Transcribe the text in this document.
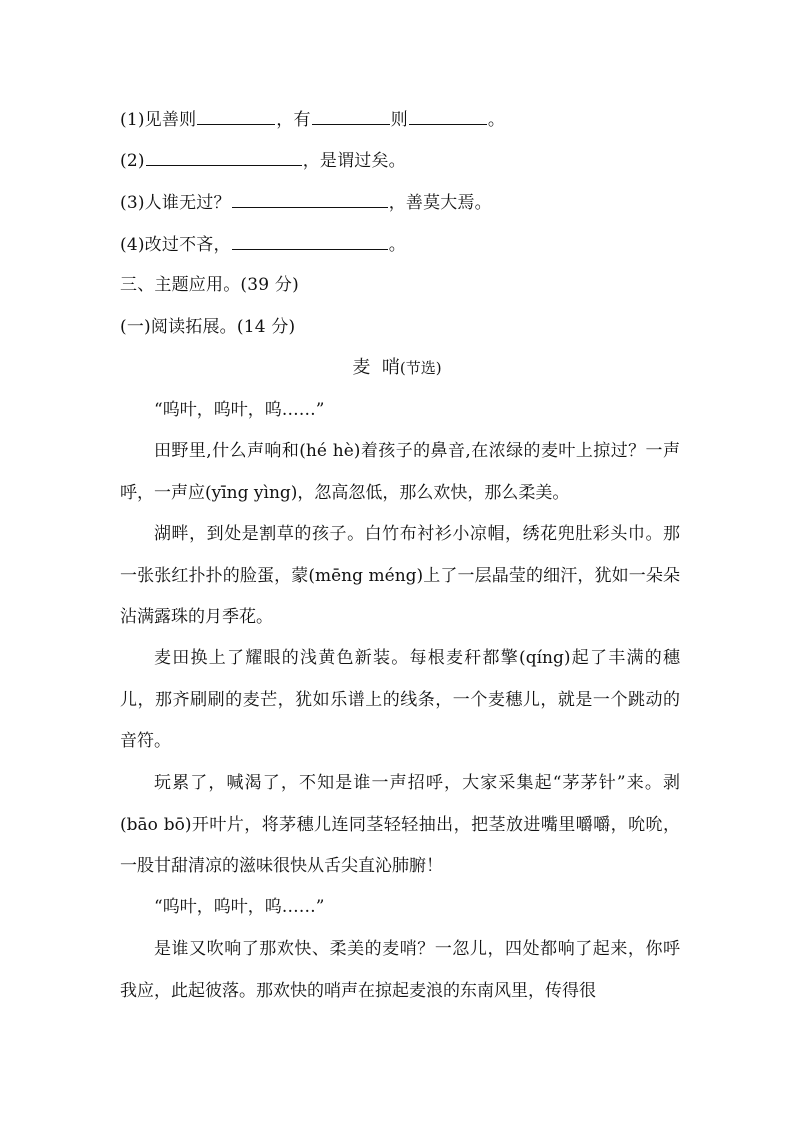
(1)见善则	，有	则	。
(2)	，是谓过矣。
(3)人谁无过？	，善莫大焉。
(4)改过不吝，	。
三、主题应用。(39 分)
(一)阅读拓展。(14 分)
麦  哨(节选)

“呜叶，呜叶，呜……”

田野里,什么声响和(hé hè)着孩子的鼻音,在浓绿的麦叶上掠过？一声呼，一声应(yīng yìng)，忽高忽低，那么欢快，那么柔美。

湖畔，到处是割草的孩子。白竹布衬衫小凉帽，绣花兜肚彩头巾。那一张张红扑扑的脸蛋，蒙(mēng méng)上了一层晶莹的细汗，犹如一朵朵沾满露珠的月季花。

麦田换上了耀眼的浅黄色新装。每根麦秆都擎(qíng)起了丰满的穗儿，那齐刷刷的麦芒，犹如乐谱上的线条，一个麦穗儿，就是一个跳动的音符。

玩累了，喊渴了，不知是谁一声招呼，大家采集起“茅茅针”来。剥(bāo bō)开叶片，将茅穗儿连同茎轻轻抽出，把茎放进嘴里嚼嚼，吮吮，一股甘甜清凉的滋味很快从舌尖直沁肺腑！

“呜叶，呜叶，呜……”

是谁又吹响了那欢快、柔美的麦哨？一忽儿，四处都响了起来，你呼我应，此起彼落。那欢快的哨声在掠起麦浪的东南风里，传得很
